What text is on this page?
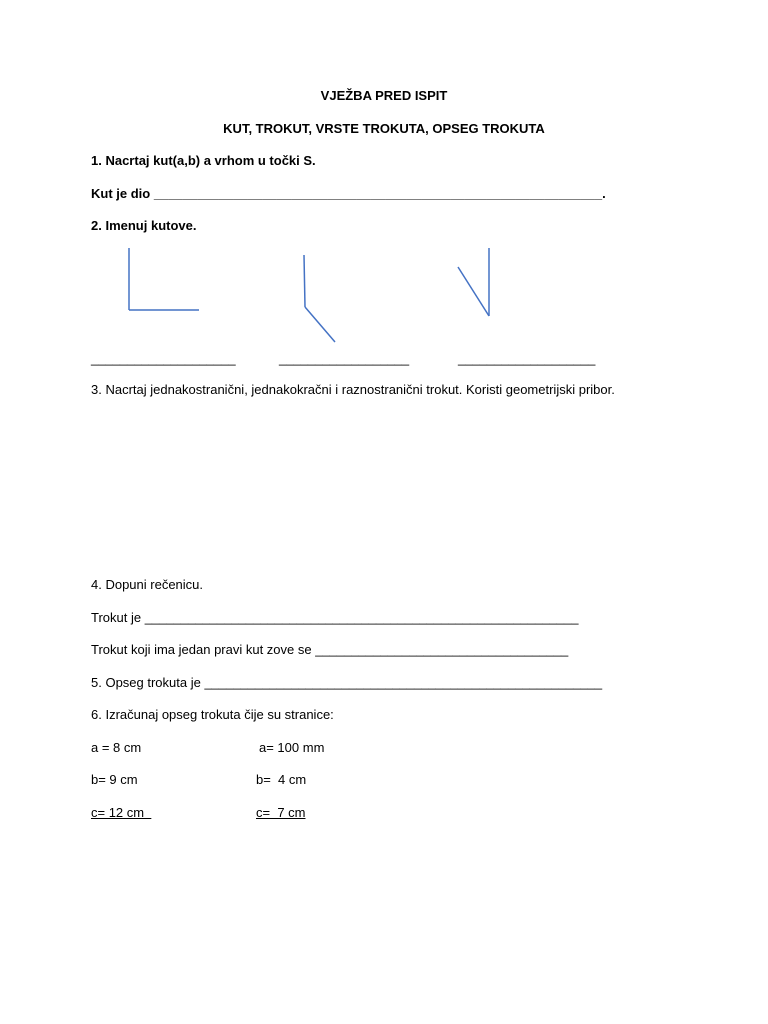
VJEŽBA PRED ISPIT
KUT, TROKUT, VRSTE TROKUTA, OPSEG TROKUTA
1. Nacrtaj kut(a,b) a vrhom u točki S.
Kut je dio ______________________________________________________________.
2. Imenuj kutove.
____________________	__________________	___________________
3. Nacrtaj jednakostranični, jednakokračni i raznostranični trokut. Koristi geometrijski pribor.
4. Dopuni rečenicu.
Trokut je ____________________________________________________________
Trokut koji ima jedan pravi kut zove se ___________________________________
5. Opseg trokuta je _______________________________________________________
6. Izračunaj opseg trokuta čije su stranice:
a = 8 cm	a= 100 mm
b= 9 cm	b=  4 cm
c= 12 cm	c=  7 cm
